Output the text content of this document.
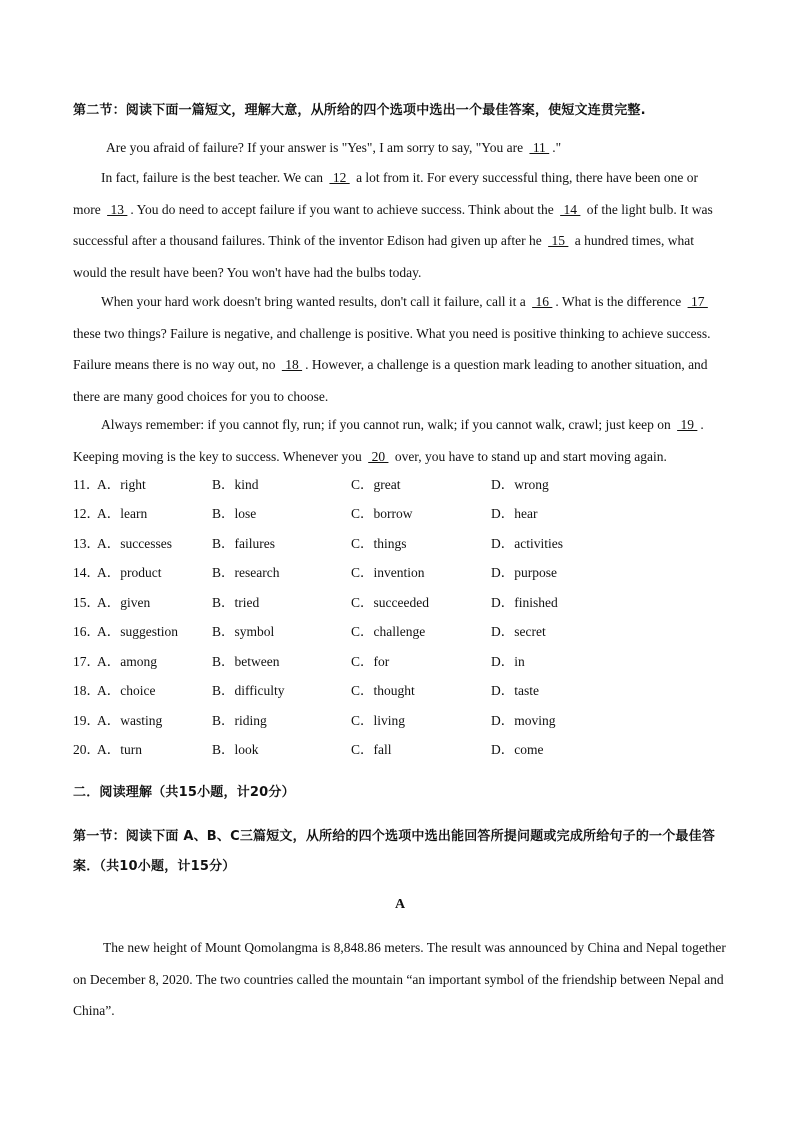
第二节：阅读下面一篇短文，理解大意，从所给的四个选项中选出一个最佳答案，使短文连贯完整.
Are you afraid of failure? If your answer is "Yes", I am sorry to say, "You are  11 ."
In fact, failure is the best teacher. We can  12  a lot from it. For every successful thing, there have been one or more  13 . You do need to accept failure if you want to achieve success. Think about the  14  of the light bulb. It was successful after a thousand failures. Think of the inventor Edison had given up after he  15  a hundred times, what would the result have been? You won't have had the bulbs today.
When your hard work doesn't bring wanted results, don't call it failure, call it a  16 . What is the difference  17  these two things? Failure is negative, and challenge is positive. What you need is positive thinking to achieve success. Failure means there is no way out, no  18 . However, a challenge is a question mark leading to another situation, and there are many good choices for you to choose.
Always remember: if you cannot fly, run; if you cannot run, walk; if you cannot walk, crawl; just keep on  19 . Keeping moving is the key to success. Whenever you  20  over, you have to stand up and start moving again.
11．
A．right	B．kind	C．great	D．wrong
12．
A．learn	B．lose	C．borrow	D．hear
13．
A．successes	B．failures	C．things	D．activities
14．
A．product	B．research	C．invention	D．purpose
15．
A．given	B．tried	C．succeeded	D．finished
16．
A．suggestion	B．symbol	C．challenge	D．secret
17．
A．among	B．between	C．for	D．in
18．
A．choice	B．difficulty	C．thought	D．taste
19．
A．wasting	B．riding	C．living	D．moving
20．
A．turn	B．look	C．fall	D．come
二．阅读理解（共15小题，计20分）
第一节：阅读下面 A、B、C三篇短文，从所给的四个选项中选出能回答所提问题或完成所给句子的一个最佳答案．（共10小题，计15分）
A
The new height of Mount Qomolangma is 8,848.86 meters. The result was announced by China and Nepal together on December 8, 2020. The two countries called the mountain “an important symbol of the friendship between Nepal and China”.
